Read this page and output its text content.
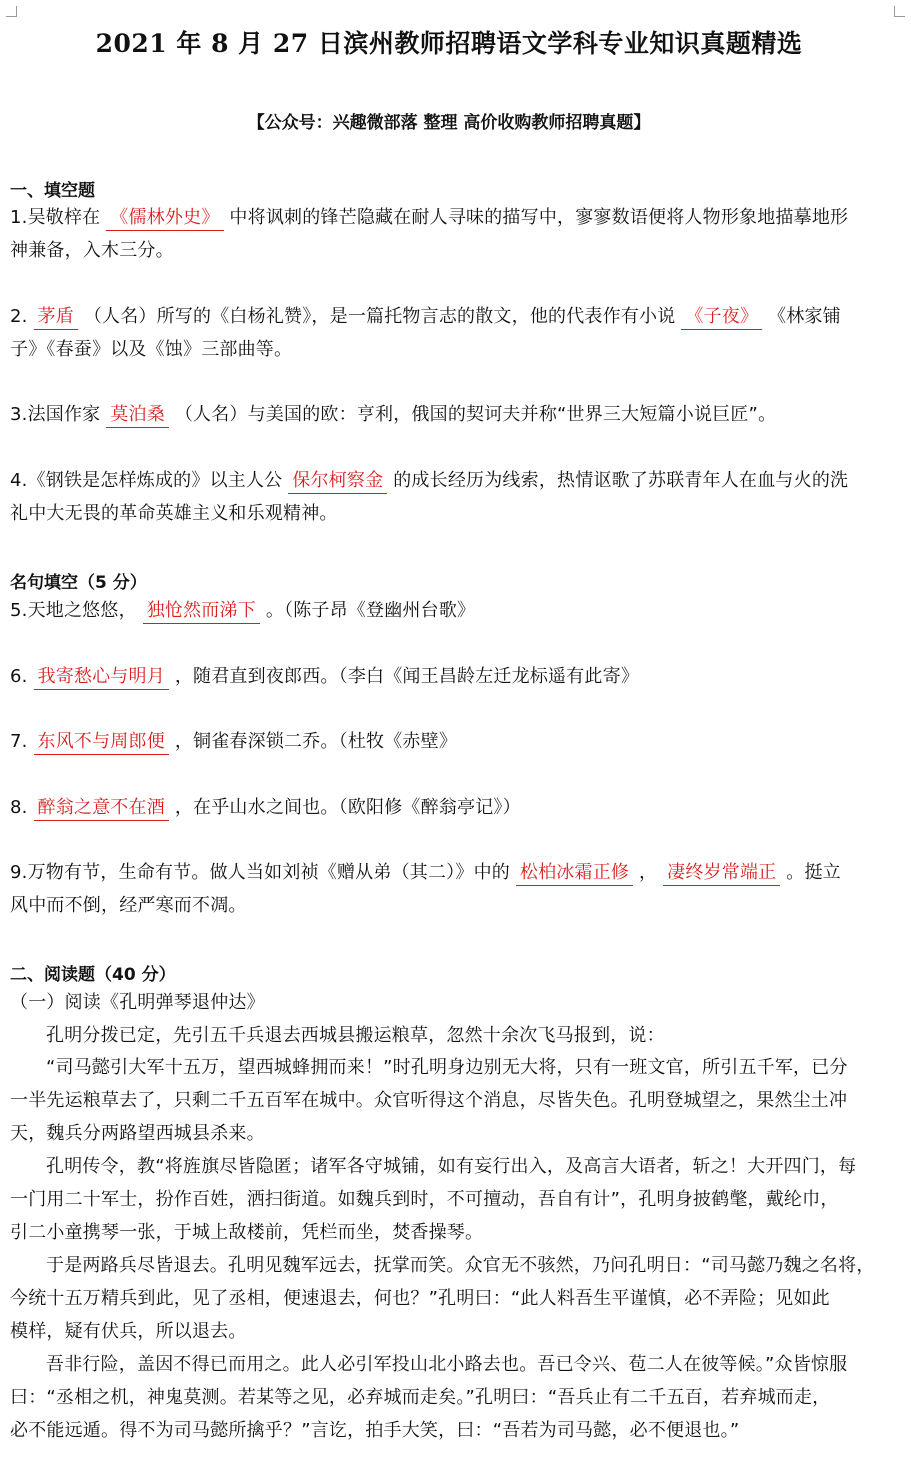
2021 年 8 月 27 日滨州教师招聘语文学科专业知识真题精选
【公众号：兴趣微部落 整理 高价收购教师招聘真题】
一、填空题
1.吴敬梓在 《儒林外史》 中将讽刺的锋芒隐藏在耐人寻味的描写中，寥寥数语便将人物形象地描摹地形
神兼备，入木三分。
2. 茅盾 （人名）所写的《白杨礼赞》，是一篇托物言志的散文，他的代表作有小说 《子夜》 《林家铺
子》《春蚕》以及《蚀》三部曲等。
3.法国作家 莫泊桑 （人名）与美国的欧：亨利，俄国的契诃夫并称“世界三大短篇小说巨匠”。
4.《钢铁是怎样炼成的》以主人公 保尔柯察金 的成长经历为线索，热情讴歌了苏联青年人在血与火的洗
礼中大无畏的革命英雄主义和乐观精神。
名句填空（5 分）
5.天地之悠悠， 独怆然而涕下 。（陈子昂《登幽州台歌》
6. 我寄愁心与明月 ，随君直到夜郎西。（李白《闻王昌龄左迁龙标遥有此寄》
7. 东风不与周郎便 ，铜雀春深锁二乔。（杜牧《赤壁》
8. 醉翁之意不在酒 ，在乎山水之间也。（欧阳修《醉翁亭记》）
9.万物有节，生命有节。做人当如刘祯《赠从弟（其二）》中的 松柏冰霜正修 ， 凄终岁常端正 。挺立
风中而不倒，经严寒而不凋。
二、阅读题（40 分）
（一）阅读《孔明弹琴退仲达》
孔明分拨已定，先引五千兵退去西城县搬运粮草，忽然十余次飞马报到，说：
“司马懿引大军十五万，望西城蜂拥而来！”时孔明身边别无大将，只有一班文官，所引五千军，已分
一半先运粮草去了，只剩二千五百军在城中。众官听得这个消息，尽皆失色。孔明登城望之，果然尘土冲
天，魏兵分两路望西城县杀来。
孔明传令，教“将旌旗尽皆隐匿；诸军各守城铺，如有妄行出入，及高言大语者，斩之！大开四门，每
一门用二十军士，扮作百姓，洒扫街道。如魏兵到时，不可擅动，吾自有计”，孔明身披鹤氅，戴纶巾，
引二小童携琴一张，于城上敌楼前，凭栏而坐，焚香操琴。
于是两路兵尽皆退去。孔明见魏军远去，抚掌而笑。众官无不骇然，乃问孔明日：“司马懿乃魏之名将，
今统十五万精兵到此，见了丞相，便速退去，何也？”孔明曰：“此人料吾生平谨慎，必不弄险；见如此
模样，疑有伏兵，所以退去。
吾非行险，盖因不得已而用之。此人必引军投山北小路去也。吾已令兴、苞二人在彼等候。”众皆惊服
曰：“丞相之机，神鬼莫测。若某等之见，必弃城而走矣。”孔明曰：“吾兵止有二千五百，若弃城而走，
必不能远遁。得不为司马懿所擒乎？”言讫，拍手大笑，曰：“吾若为司马懿，必不便退也。”
